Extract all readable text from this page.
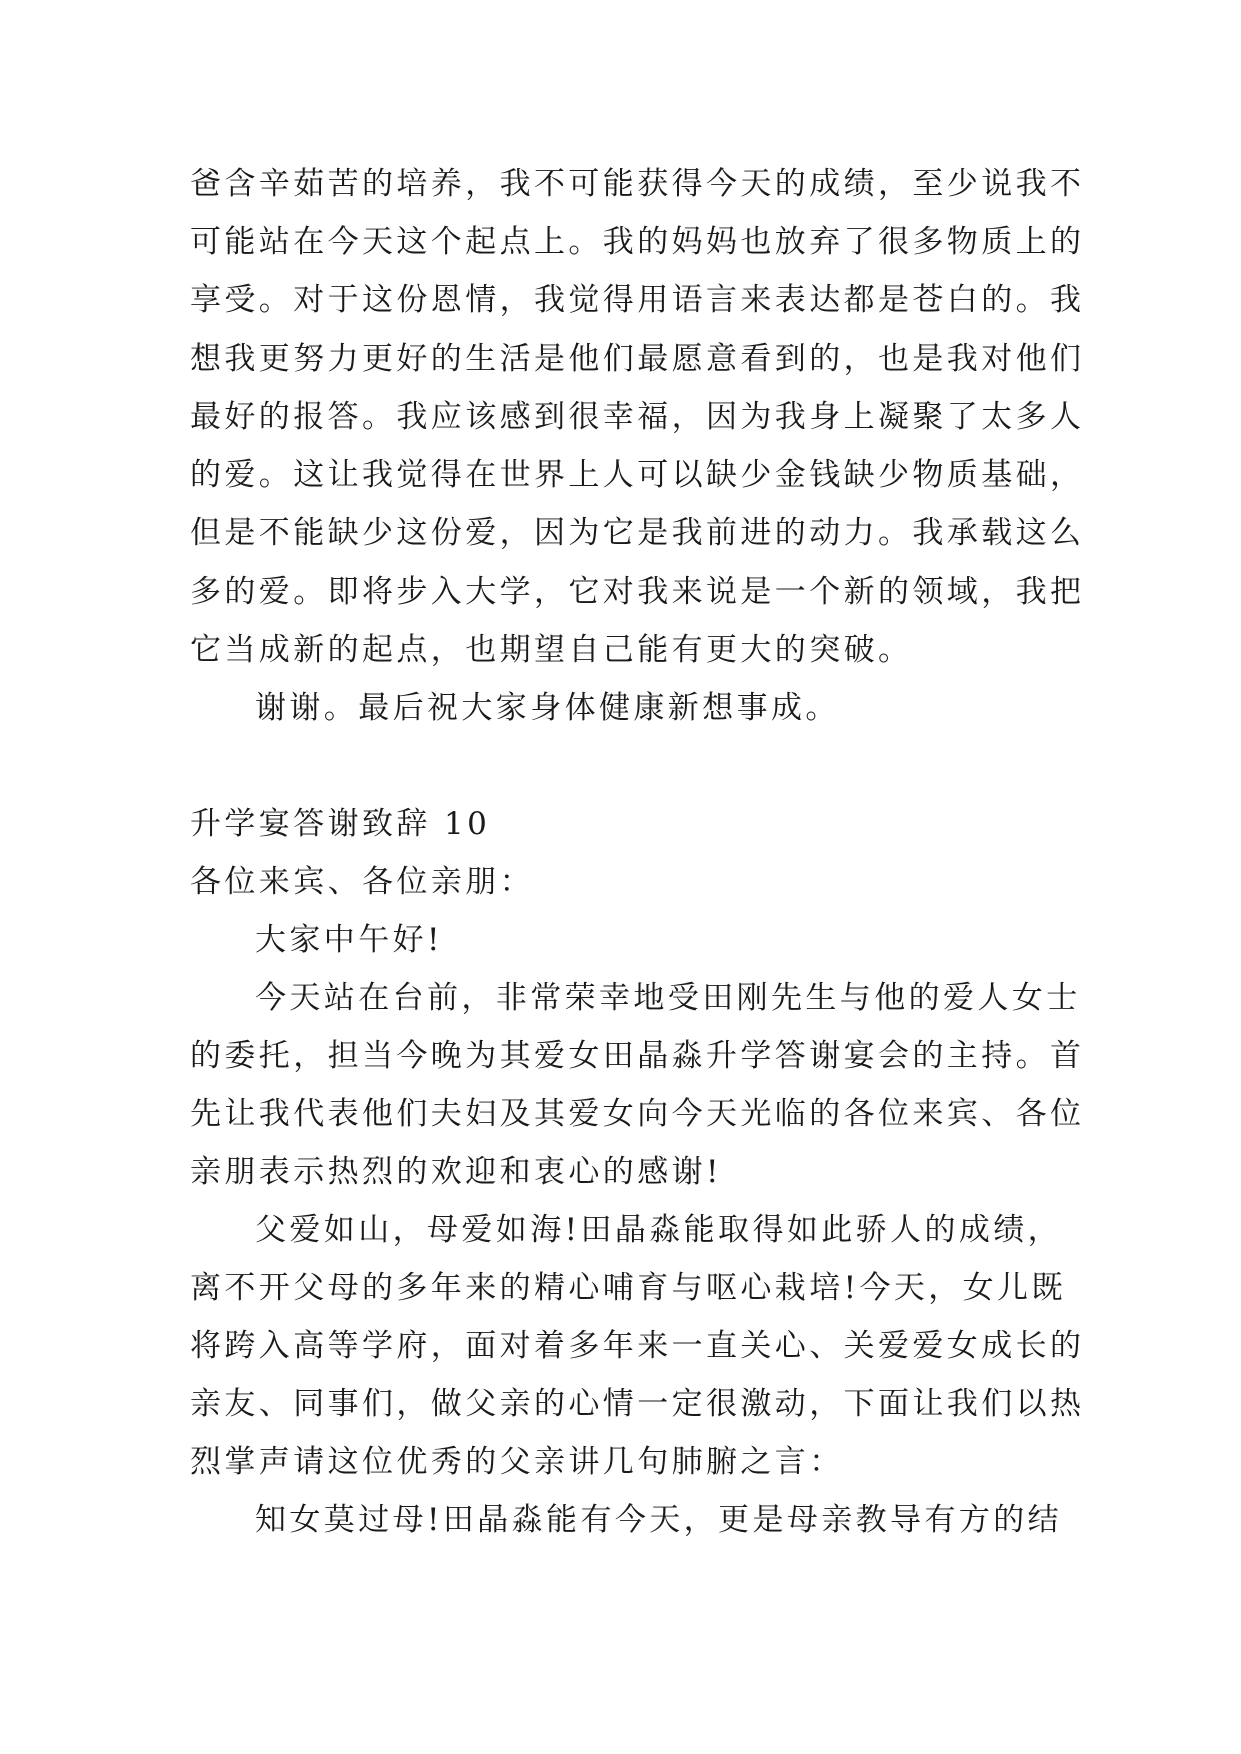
爸含辛茹苦的培养，我不可能获得今天的成绩，至少说我不
可能站在今天这个起点上。我的妈妈也放弃了很多物质上的
享受。对于这份恩情，我觉得用语言来表达都是苍白的。我
想我更努力更好的生活是他们最愿意看到的，也是我对他们
最好的报答。我应该感到很幸福，因为我身上凝聚了太多人
的爱。这让我觉得在世界上人可以缺少金钱缺少物质基础，
但是不能缺少这份爱，因为它是我前进的动力。我承载这么
多的爱。即将步入大学，它对我来说是一个新的领域，我把
它当成新的起点，也期望自己能有更大的突破。
谢谢。最后祝大家身体健康新想事成。
升学宴答谢致辞 10
各位来宾、各位亲朋：
大家中午好!
今天站在台前，非常荣幸地受田刚先生与他的爱人女士
的委托，担当今晚为其爱女田晶淼升学答谢宴会的主持。首
先让我代表他们夫妇及其爱女向今天光临的各位来宾、各位
亲朋表示热烈的欢迎和衷心的感谢!
父爱如山，母爱如海!田晶淼能取得如此骄人的成绩，
离不开父母的多年来的精心哺育与呕心栽培!今天，女儿既
将跨入高等学府，面对着多年来一直关心、关爱爱女成长的
亲友、同事们，做父亲的心情一定很激动，下面让我们以热
烈掌声请这位优秀的父亲讲几句肺腑之言：
知女莫过母!田晶淼能有今天，更是母亲教导有方的结
